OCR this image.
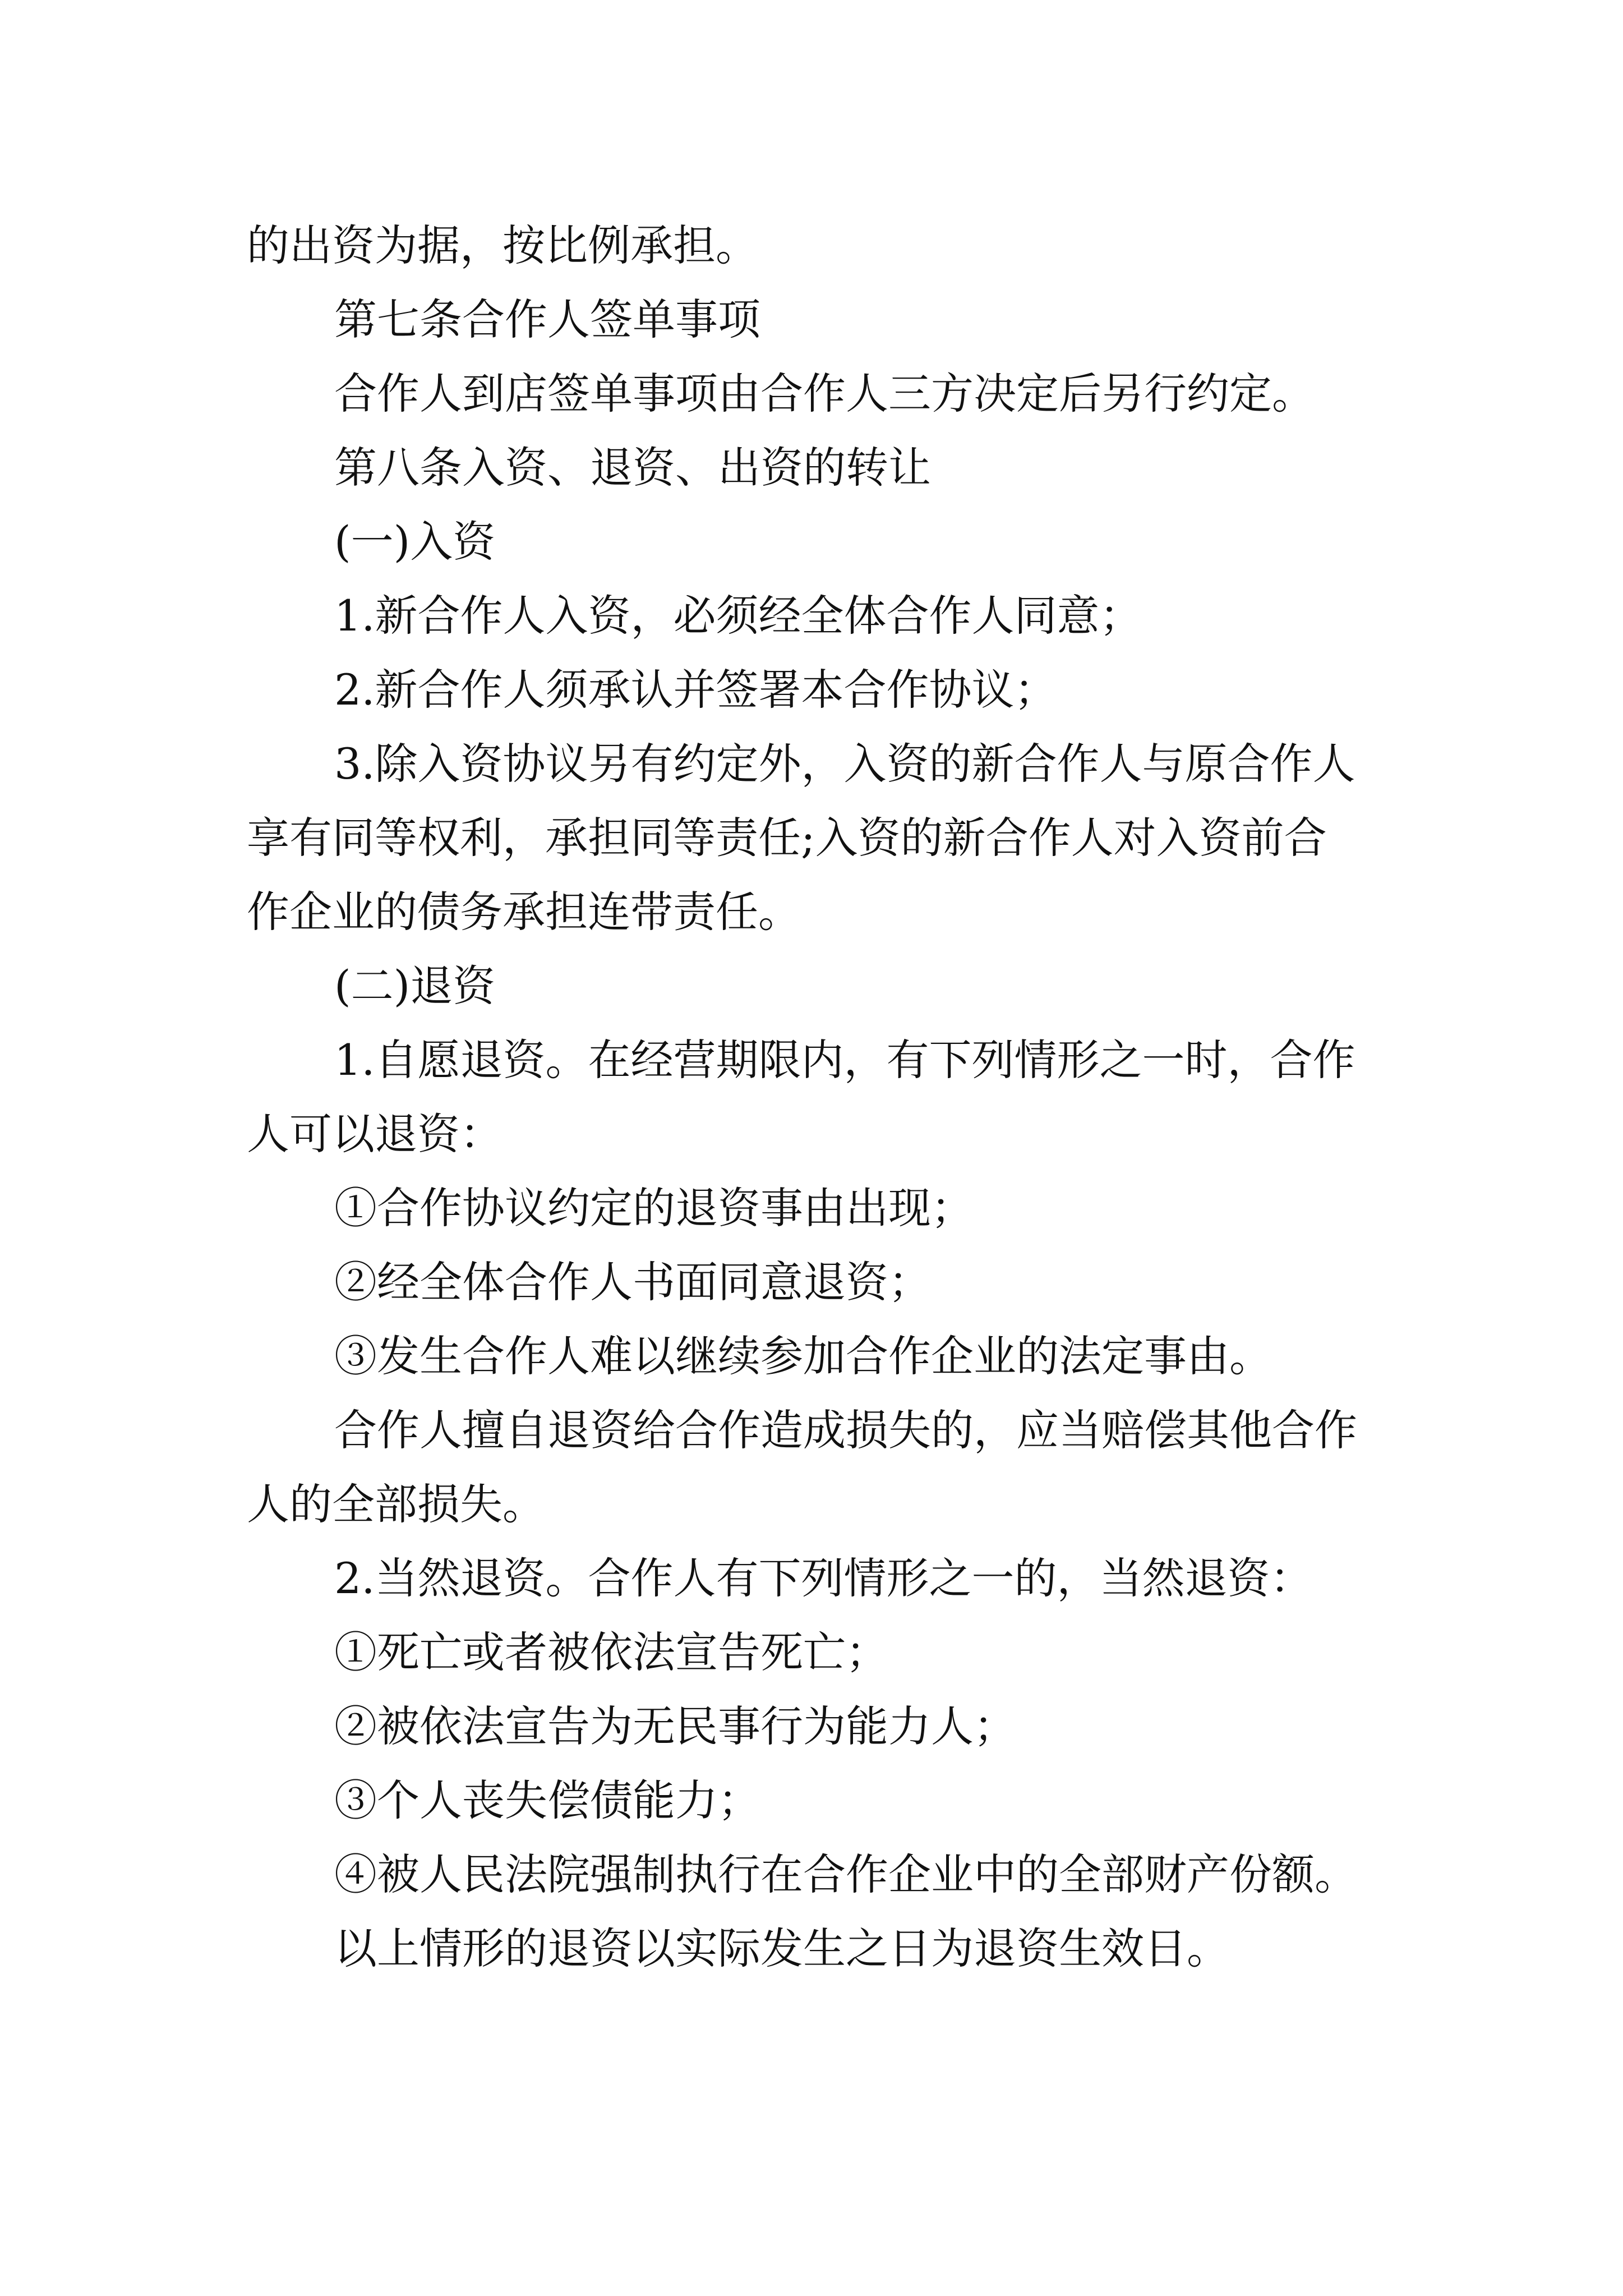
的出资为据，按比例承担。
第七条合作人签单事项
合作人到店签单事项由合作人三方决定后另行约定。
第八条入资、退资、出资的转让
(一)入资
1.新合作人入资，必须经全体合作人同意；
2.新合作人须承认并签署本合作协议；
3.除入资协议另有约定外，入资的新合作人与原合作人
享有同等权利，承担同等责任;入资的新合作人对入资前合
作企业的债务承担连带责任。
(二)退资
1.自愿退资。在经营期限内，有下列情形之一时，合作
人可以退资：
①合作协议约定的退资事由出现；
②经全体合作人书面同意退资；
③发生合作人难以继续参加合作企业的法定事由。
合作人擅自退资给合作造成损失的，应当赔偿其他合作
人的全部损失。
2.当然退资。合作人有下列情形之一的，当然退资：
①死亡或者被依法宣告死亡；
②被依法宣告为无民事行为能力人；
③个人丧失偿债能力；
④被人民法院强制执行在合作企业中的全部财产份额。
以上情形的退资以实际发生之日为退资生效日。
